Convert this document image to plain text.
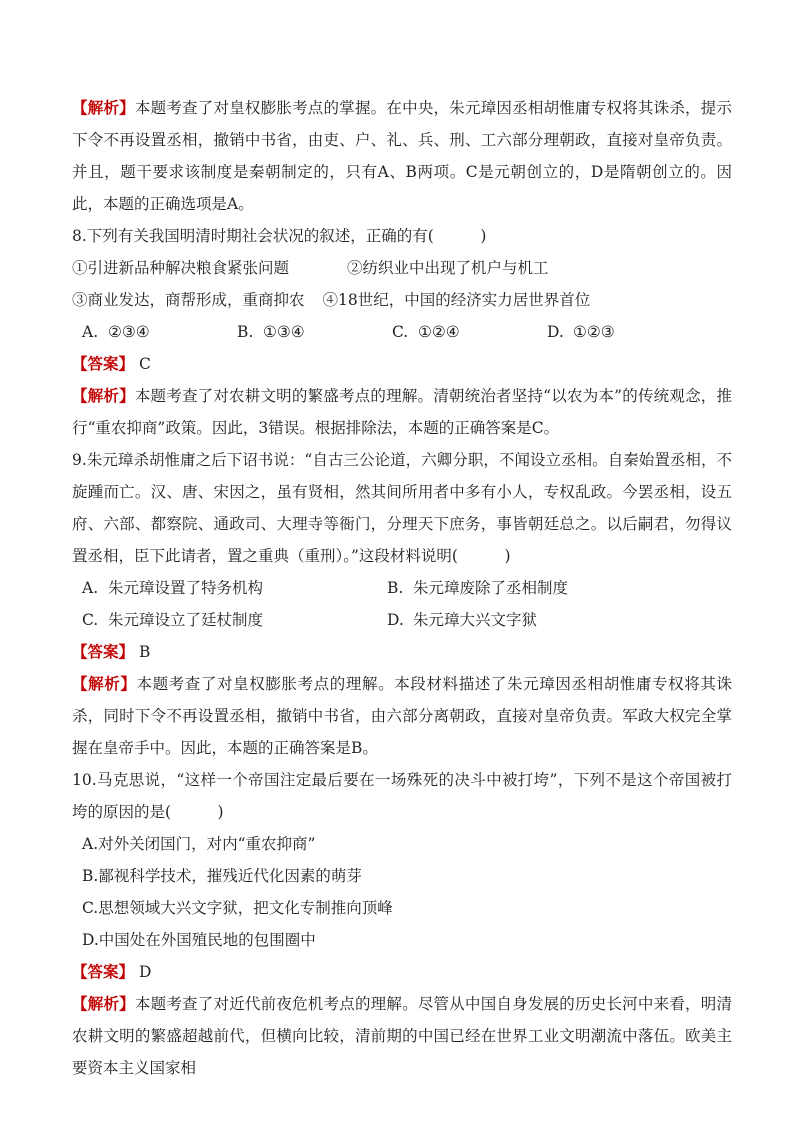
【解析】本题考查了对皇权膨胀考点的掌握。在中央，朱元璋因丞相胡惟庸专权将其诛杀，提示下令不再设置丞相，撤销中书省，由吏、户、礼、兵、刑、工六部分理朝政，直接对皇帝负责。并且，题干要求该制度是秦朝制定的，只有A、B两项。C是元朝创立的，D是隋朝创立的。因此，本题的正确选项是A。

8.下列有关我国明清时期社会状况的叙述，正确的有(　　　)

①引进新品种解决粮食紧张问题	②纺织业中出现了机户与机工

③商业发达，商帮形成，重商抑农 ④18世纪，中国的经济实力居世界首位

A. ②③④	B. ①③④	C. ①②④	D. ①②③

【答案】 C

【解析】本题考查了对农耕文明的繁盛考点的理解。清朝统治者坚持“以农为本”的传统观念，推行“重农抑商”政策。因此，3错误。根据排除法，本题的正确答案是C。

9.朱元璋杀胡惟庸之后下诏书说：“自古三公论道，六卿分职，不闻设立丞相。自秦始置丞相，不旋踵而亡。汉、唐、宋因之，虽有贤相，然其间所用者中多有小人，专权乱政。今罢丞相，设五府、六部、都察院、通政司、大理寺等衙门，分理天下庶务，事皆朝廷总之。以后嗣君，勿得议置丞相，臣下此请者，置之重典（重刑）。”这段材料说明(　　　)

A. 朱元璋设置了特务机构	B. 朱元璋废除了丞相制度
C. 朱元璋设立了廷杖制度	D. 朱元璋大兴文字狱

【答案】 B

【解析】本题考查了对皇权膨胀考点的理解。本段材料描述了朱元璋因丞相胡惟庸专权将其诛杀，同时下令不再设置丞相，撤销中书省，由六部分离朝政，直接对皇帝负责。军政大权完全掌握在皇帝手中。因此，本题的正确答案是B。

10.马克思说，“这样一个帝国注定最后要在一场殊死的决斗中被打垮”，下列不是这个帝国被打垮的原因的是(　　　)

A.对外关闭国门，对内“重农抑商”

B.鄙视科学技术，摧残近代化因素的萌芽

C.思想领域大兴文字狱，把文化专制推向顶峰

D.中国处在外国殖民地的包围圈中

【答案】 D

【解析】本题考查了对近代前夜危机考点的理解。尽管从中国自身发展的历史长河中来看，明清农耕文明的繁盛超越前代，但横向比较，清前期的中国已经在世界工业文明潮流中落伍。欧美主要资本主义国家相
